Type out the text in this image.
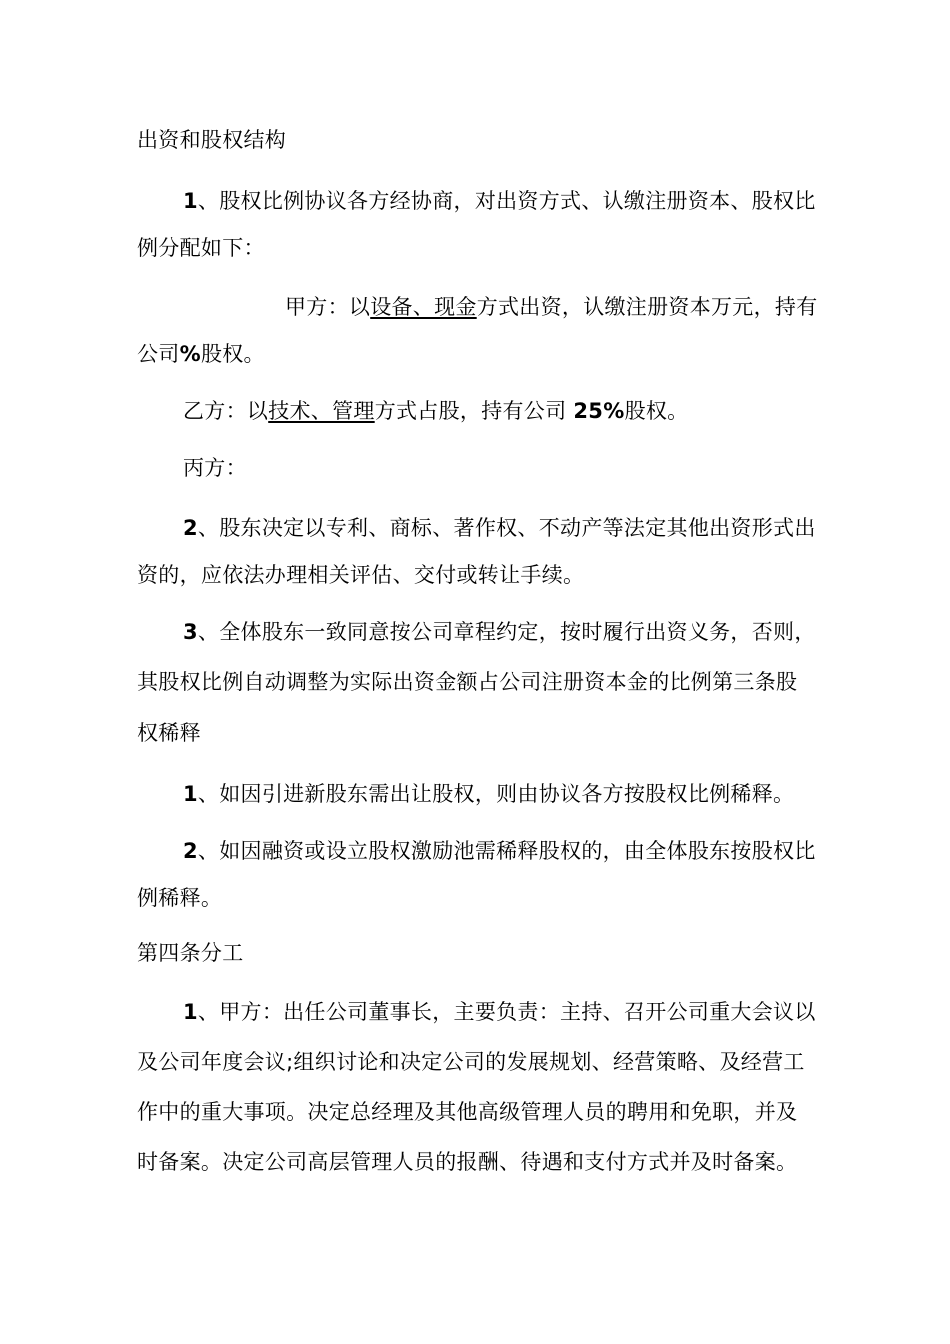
出资和股权结构
1、股权比例协议各方经协商，对出资方式、认缴注册资本、股权比
例分配如下：
甲方：以设备、现金方式出资，认缴注册资本万元，持有
公司%股权。
乙方：以技术、管理方式占股，持有公司 25%股权。
丙方：
2、股东决定以专利、商标、著作权、不动产等法定其他出资形式出
资的，应依法办理相关评估、交付或转让手续。
3、全体股东一致同意按公司章程约定，按时履行出资义务，否则，
其股权比例自动调整为实际出资金额占公司注册资本金的比例第三条股
权稀释
1、如因引进新股东需出让股权，则由协议各方按股权比例稀释。
2、如因融资或设立股权激励池需稀释股权的，由全体股东按股权比
例稀释。
第四条分工
1、甲方：出任公司董事长，主要负责：主持、召开公司重大会议以
及公司年度会议;组织讨论和决定公司的发展规划、经营策略、及经营工
作中的重大事项。决定总经理及其他高级管理人员的聘用和免职，并及
时备案。决定公司高层管理人员的报酬、待遇和支付方式并及时备案。
